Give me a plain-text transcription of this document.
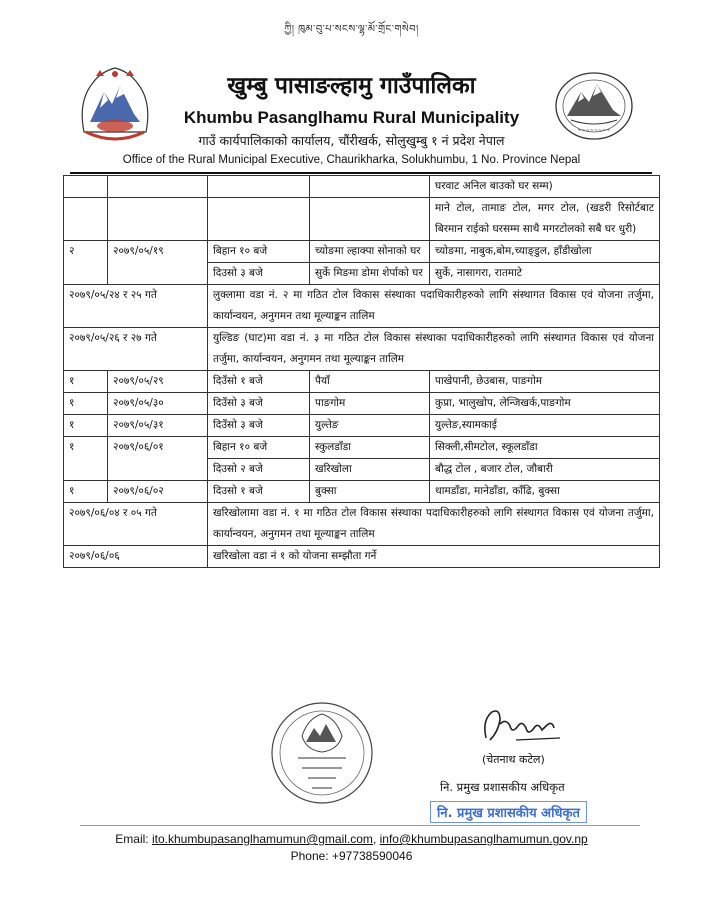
ཀྱི། ཁུམ་བུ་པ་སངས་ལྷ་མོ་གྲོང་གསེབ།
खुम्बु पासाङल्हामु गाउँपालिका
Khumbu Pasanglhamu Rural Municipality
~~~~~~~~
गाउँ कार्यपालिकाको कार्यालय, चौंरीखर्क, सोलुखुम्बु १ नं प्रदेश नेपाल
Office of the Rural Municipal Executive, Chaurikharka, Solukhumbu, 1 No. Province Nepal
				घरवाट अनिल बाउको घर सम्म)
				माने टोल, तामाङ टोल, मगर टोल, (खडरी रिसोर्टबाट बिरमान राईको घरसम्म साथै मगरटोलको सबै घर धुरी)
२	२०७९/०५/१९	बिहान १० बजे	च्योङमा ल्हाक्पा सोनाको घर	च्योङमा, नाबुक,बोम,च्याङ्डुल, हाँडीखोला
		दिउसो ३ बजे	सुर्के मिङमा डोमा शेर्पाको घर	सुर्के, नासागरा, रातमाटे
२०७९/०५/२४ र २५ गते		लुक्लामा वडा नं. २ मा गठित टोल विकास संस्थाका पदाधिकारीहरुको लागि संस्थागत विकास एवं योजना तर्जुमा, कार्यान्वयन, अनुगमन तथा मूल्याङ्कन तालिम		
२०७९/०५/२६ र २७ गते		युल्डिङ (घाट)मा वडा नं. ३ मा गठित टोल विकास संस्थाका पदाधिकारीहरुको लागि संस्थागत विकास एवं योजना तर्जुमा, कार्यान्वयन, अनुगमन तथा मूल्याङ्कन तालिम		
१	२०७९/०५/२९	दिउँसो १ बजे	पैयाँ	पाखेपानी, छेउबास, पाङगोम
१	२०७९/०५/३०	दिउँसो ३ बजे	पाङगोम	कुप्रा, भालुखोप, लेन्जिखर्क,पाङगोम
१	२०७९/०५/३१	दिउँसो ३ बजे	युल्तेङ	युल्तेङ,स्यामकाई
१	२०७९/०६/०१	बिहान १० बजे	स्कुलडाँडा	सिक्ली,सीमटोल, स्कूलडाँडा
		दिउसो २ बजे	खरिखोला	बौद्ध टोल , बजार टोल, जौबारी
१	२०७९/०६/०२	दिउसो १ बजे	बुक्सा	थामडाँडा, मानेडाँडा, काँढि, बुक्सा
२०७९/०६/०४ र ०५ गते		खरिखोलामा वडा नं. १ मा गठित टोल विकास संस्थाका पदाधिकारीहरुको लागि संस्थागत विकास एवं योजना तर्जुमा, कार्यान्वयन, अनुगमन तथा मूल्याङ्कन तालिम		
२०७९/०६/०६		खरिखोला वडा नं १ को योजना सम्झौता गर्ने		
(चेतनाथ कटेल)
नि. प्रमुख प्रशासकीय अधिकृत
नि. प्रमुख प्रशासकीय अधिकृत
Email: ito.khumbupasanglhamumun@gmail.com, info@khumbupasanglhamumun.gov.np
Phone: +97738590046
